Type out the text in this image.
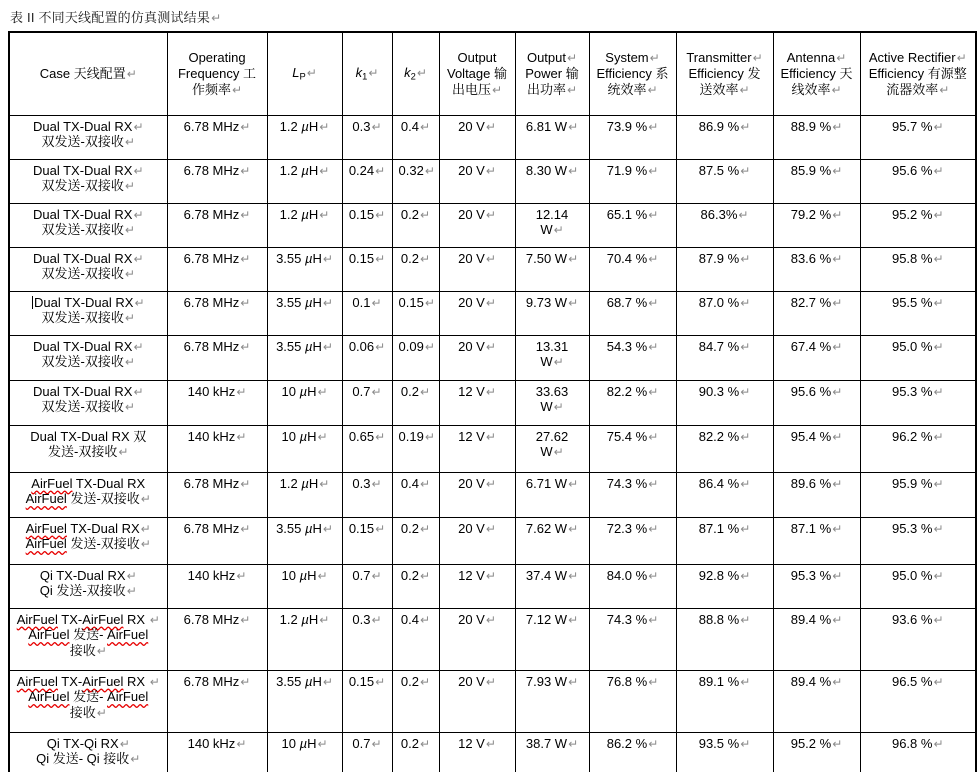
表 II 不同天线配置的仿真测试结果↵
Case 天线配置↵	Operating Frequency 工作频率↵	$L_P↵$	$k_1↵$	$k_2↵$	Output Voltage 输出电压↵	Output↵
Power 输出功率↵	System↵
Efficiency 系统效率↵	Transmitter↵
Efficiency 发送效率↵	Antenna↵
Efficiency 天线效率↵	Active Rectifier↵
Efficiency 有源整流器效率↵

Dual TX-Dual RX↵
双发送-双接收↵	6.78 MHz↵	1.2 µH↵	0.3↵	0.4↵	20 V↵	6.81 W↵	73.9 %↵	86.9 %↵	88.9 %↵	95.7 %↵

Dual TX-Dual RX↵
双发送-双接收↵	6.78 MHz↵	1.2 µH↵	0.24↵	0.32↵	20 V↵	8.30 W↵	71.9 %↵	87.5 %↵	85.9 %↵	95.6 %↵

Dual TX-Dual RX↵
双发送-双接收↵	6.78 MHz↵	1.2 µH↵	0.15↵	0.2↵	20 V↵	12.14
W↵	65.1 %↵	86.3%↵	79.2 %↵	95.2 %↵

Dual TX-Dual RX↵
双发送-双接收↵	6.78 MHz↵	3.55 µH↵	0.15↵	0.2↵	20 V↵	7.50 W↵	70.4 %↵	87.9 %↵	83.6 %↵	95.8 %↵

Dual TX-Dual RX↵
双发送-双接收↵	6.78 MHz↵	3.55 µH↵	0.1↵	0.15↵	20 V↵	9.73 W↵	68.7 %↵	87.0 %↵	82.7 %↵	95.5 %↵

Dual TX-Dual RX↵
双发送-双接收↵	6.78 MHz↵	3.55 µH↵	0.06↵	0.09↵	20 V↵	13.31
W↵	54.3 %↵	84.7 %↵	67.4 %↵	95.0 %↵

Dual TX-Dual RX↵
双发送-双接收↵	140 kHz↵	10 µH↵	0.7↵	0.2↵	12 V↵	33.63
W↵	82.2 %↵	90.3 %↵	95.6 %↵	95.3 %↵

Dual TX-Dual RX 双
发送-双接收↵	140 kHz↵	10 µH↵	0.65↵	0.19↵	12 V↵	27.62
W↵	75.4 %↵	82.2 %↵	95.4 %↵	96.2 %↵

AirFuel TX-Dual RX
AirFuel 发送-双接收↵	6.78 MHz↵	1.2 µH↵	0.3↵	0.4↵	20 V↵	6.71 W↵	74.3 %↵	86.4 %↵	89.6 %↵	95.9 %↵

AirFuel TX-Dual RX↵
AirFuel 发送-双接收↵	6.78 MHz↵	3.55 µH↵	0.15↵	0.2↵	20 V↵	7.62 W↵	72.3 %↵	87.1 %↵	87.1 %↵	95.3 %↵

Qi TX-Dual RX↵
Qi 发送-双接收↵	140 kHz↵	10 µH↵	0.7↵	0.2↵	12 V↵	37.4 W↵	84.0 %↵	92.8 %↵	95.3 %↵	95.0 %↵

AirFuel TX-AirFuel RX ↵
AirFuel 发送- AirFuel
接收↵	6.78 MHz↵	1.2 µH↵	0.3↵	0.4↵	20 V↵	7.12 W↵	74.3 %↵	88.8 %↵	89.4 %↵	93.6 %↵

AirFuel TX-AirFuel RX ↵
AirFuel 发送- AirFuel
接收↵	6.78 MHz↵	3.55 µH↵	0.15↵	0.2↵	20 V↵	7.93 W↵	76.8 %↵	89.1 %↵	89.4 %↵	96.5 %↵

Qi TX-Qi RX↵
Qi 发送- Qi 接收↵	140 kHz↵	10 µH↵	0.7↵	0.2↵	12 V↵	38.7 W↵	86.2 %↵	93.5 %↵	95.2 %↵	96.8 %↵
